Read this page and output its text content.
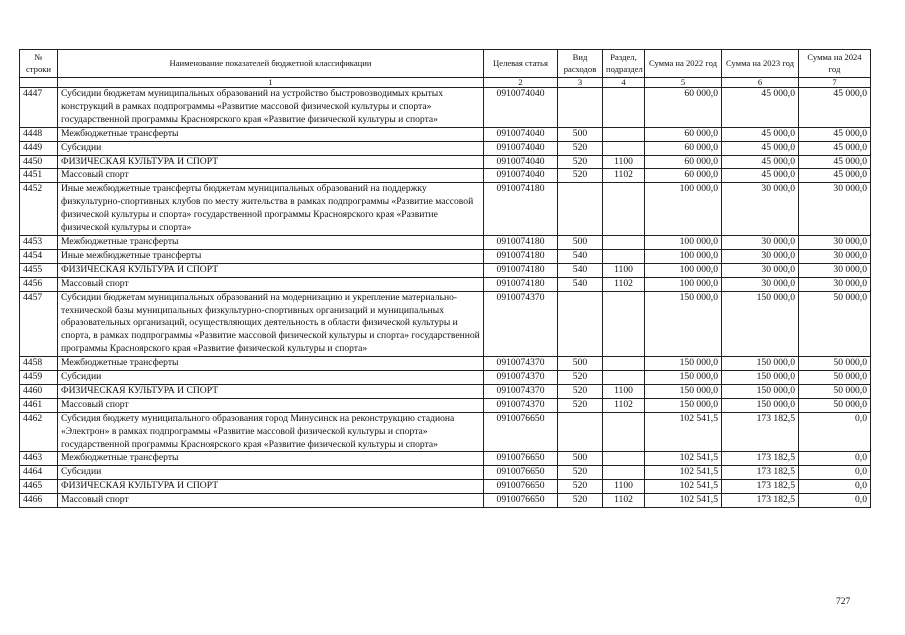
№ строки	Наименование показателей бюджетной классификации	Целевая статья	Вид расходов	Раздел, подраздел	Сумма на 2022 год	Сумма на 2023 год	Сумма на 2024 год
	1	2	3	4	5	6	7
4447	Субсидии бюджетам муниципальных образований на устройство быстровозводимых крытых конструкций в рамках подпрограммы «Развитие массовой физической культуры и спорта» государственной программы Красноярского края «Развитие физической культуры и спорта»	0910074040			60 000,0	45 000,0	45 000,0
4448	Межбюджетные трансферты	0910074040	500		60 000,0	45 000,0	45 000,0
4449	Субсидии	0910074040	520		60 000,0	45 000,0	45 000,0
4450	ФИЗИЧЕСКАЯ КУЛЬТУРА И СПОРТ	0910074040	520	1100	60 000,0	45 000,0	45 000,0
4451	Массовый спорт	0910074040	520	1102	60 000,0	45 000,0	45 000,0
4452	Иные межбюджетные трансферты бюджетам муниципальных образований на поддержку физкультурно-спортивных клубов по месту жительства в рамках подпрограммы «Развитие массовой физической культуры и спорта» государственной программы Красноярского края «Развитие физической культуры и спорта»	0910074180			100 000,0	30 000,0	30 000,0
4453	Межбюджетные трансферты	0910074180	500		100 000,0	30 000,0	30 000,0
4454	Иные межбюджетные трансферты	0910074180	540		100 000,0	30 000,0	30 000,0
4455	ФИЗИЧЕСКАЯ КУЛЬТУРА И СПОРТ	0910074180	540	1100	100 000,0	30 000,0	30 000,0
4456	Массовый спорт	0910074180	540	1102	100 000,0	30 000,0	30 000,0
4457	Субсидии бюджетам муниципальных образований на модернизацию и укрепление материально-технической базы муниципальных физкультурно-спортивных организаций и муниципальных образовательных организаций, осуществляющих деятельность в области физической культуры и спорта, в рамках подпрограммы «Развитие массовой физической культуры и спорта» государственной программы Красноярского края «Развитие физической культуры и спорта»	0910074370			150 000,0	150 000,0	50 000,0
4458	Межбюджетные трансферты	0910074370	500		150 000,0	150 000,0	50 000,0
4459	Субсидии	0910074370	520		150 000,0	150 000,0	50 000,0
4460	ФИЗИЧЕСКАЯ КУЛЬТУРА И СПОРТ	0910074370	520	1100	150 000,0	150 000,0	50 000,0
4461	Массовый спорт	0910074370	520	1102	150 000,0	150 000,0	50 000,0
4462	Субсидия бюджету муниципального образования город Минусинск на реконструкцию стадиона «Электрон» в рамках подпрограммы «Развитие массовой физической культуры и спорта» государственной программы Красноярского края «Развитие физической культуры и спорта»	0910076650			102 541,5	173 182,5	0,0
4463	Межбюджетные трансферты	0910076650	500		102 541,5	173 182,5	0,0
4464	Субсидии	0910076650	520		102 541,5	173 182,5	0,0
4465	ФИЗИЧЕСКАЯ КУЛЬТУРА И СПОРТ	0910076650	520	1100	102 541,5	173 182,5	0,0
4466	Массовый спорт	0910076650	520	1102	102 541,5	173 182,5	0,0
727
